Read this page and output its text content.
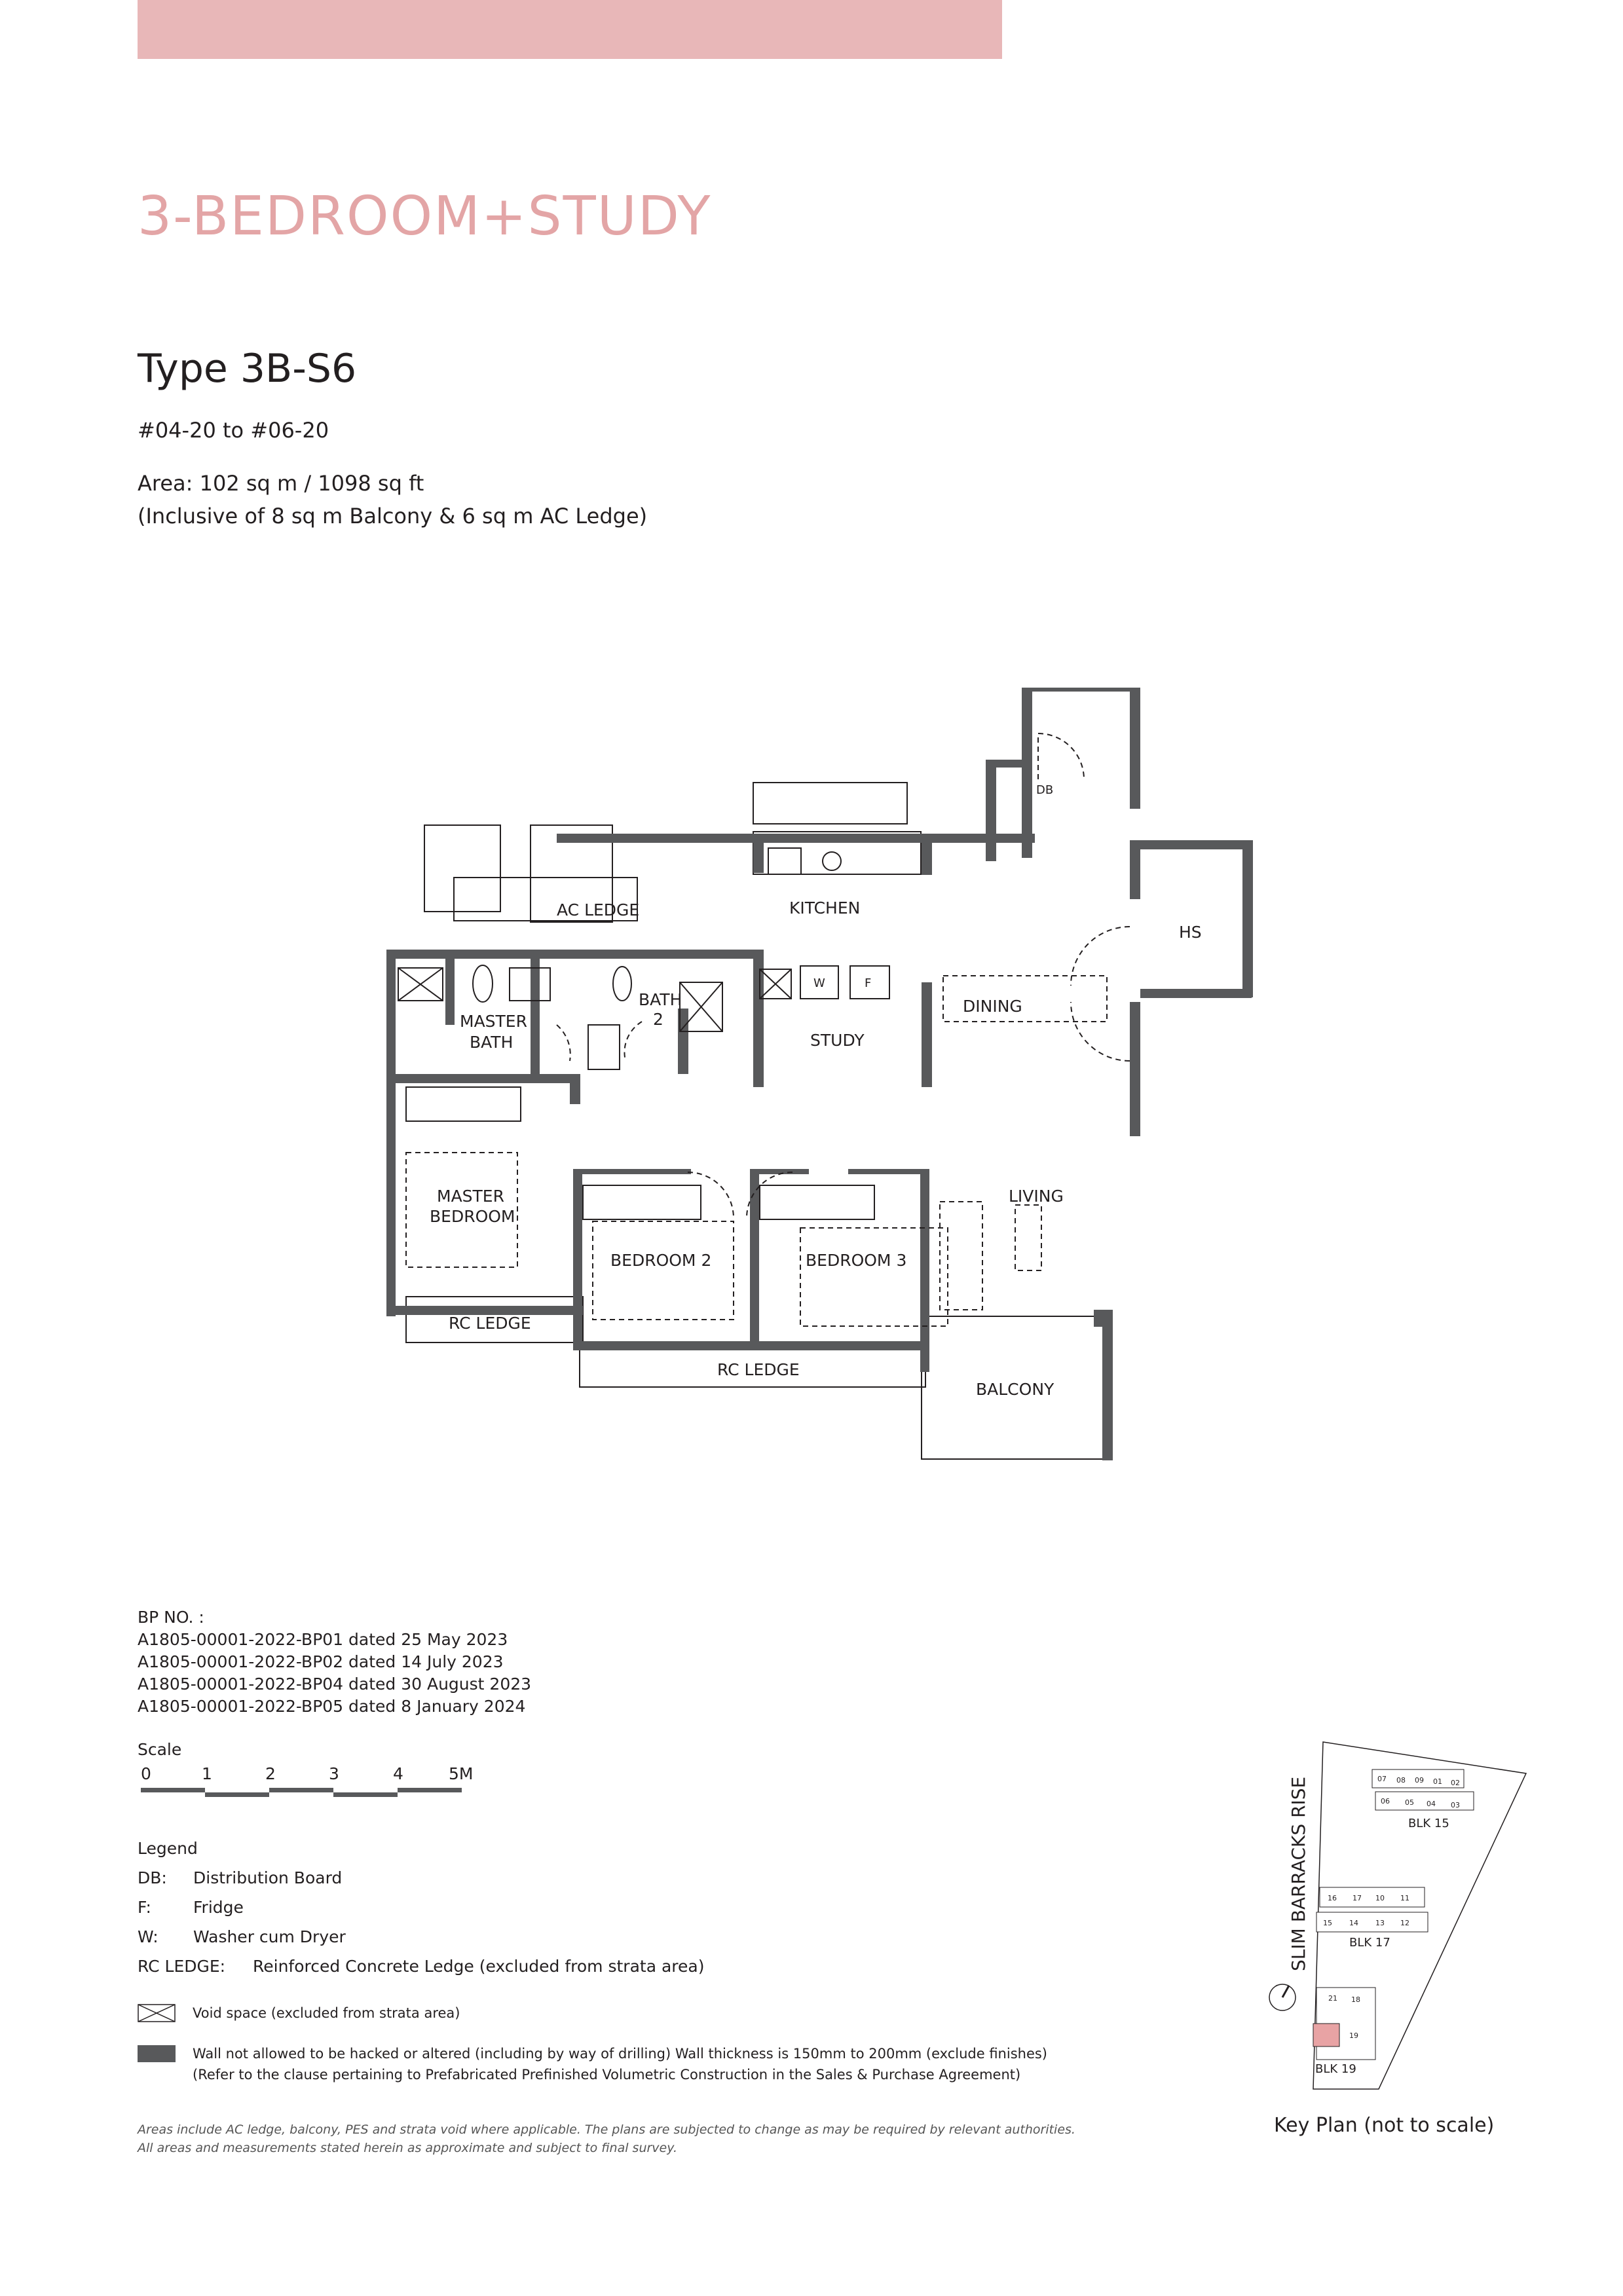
3-BEDROOM+STUDY
Type 3B-S6
#04-20 to #06-20
Area: 102 sq m / 1098 sq ft
(Inclusive of 8 sq m Balcony & 6 sq m AC Ledge)
DB
AC LEDGE	KITCHEN
HS
MASTER
BATH
BATH
2
W	F
DINING
STUDY
MASTER
BEDROOM
BEDROOM 2	BEDROOM 3
LIVING
RC LEDGE
RC LEDGE
BALCONY
BP NO. :
A1805-00001-2022-BP01 dated 25 May 2023
A1805-00001-2022-BP02 dated 14 July 2023
A1805-00001-2022-BP04 dated 30 August 2023
A1805-00001-2022-BP05 dated 8 January 2024
Scale
0	1	2	3	4	5M
Legend
DB: Distribution Board
F:	Fridge
W: Washer cum Dryer
RC LEDGE: Reinforced Concrete Ledge (excluded from strata area)
Void space (excluded from strata area)
Wall not allowed to be hacked or altered (including by way of drilling) Wall thickness is 150mm to 200mm (exclude finishes)
(Refer to the clause pertaining to Prefabricated Prefinished Volumetric Construction in the Sales & Purchase Agreement)
Areas include AC ledge, balcony, PES and strata void where applicable. The plans are subjected to change as may be required by relevant authorities.
All areas and measurements stated herein as approximate and subject to final survey.
SLIM BARRACKS RISE	07 08 09 01 02
06 05 04 03
BLK 15
16 17 10 11
15 14 13 12
BLK 17
21 18
19
BLK 19
Key Plan (not to scale)
